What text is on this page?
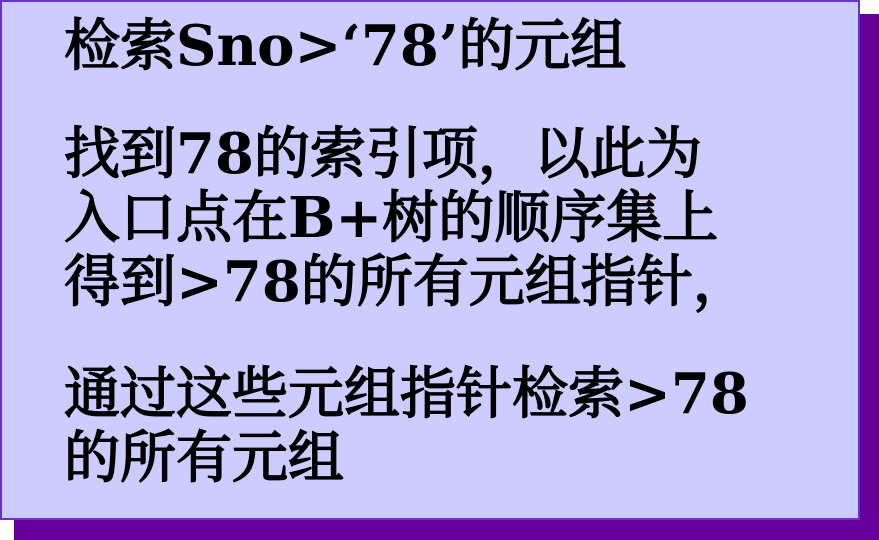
检索Sno>‘78’的元组
找到78的索引项，以此为
入口点在B+树的顺序集上
得到>78的所有元组指针，
通过这些元组指针检索>78
的所有元组
